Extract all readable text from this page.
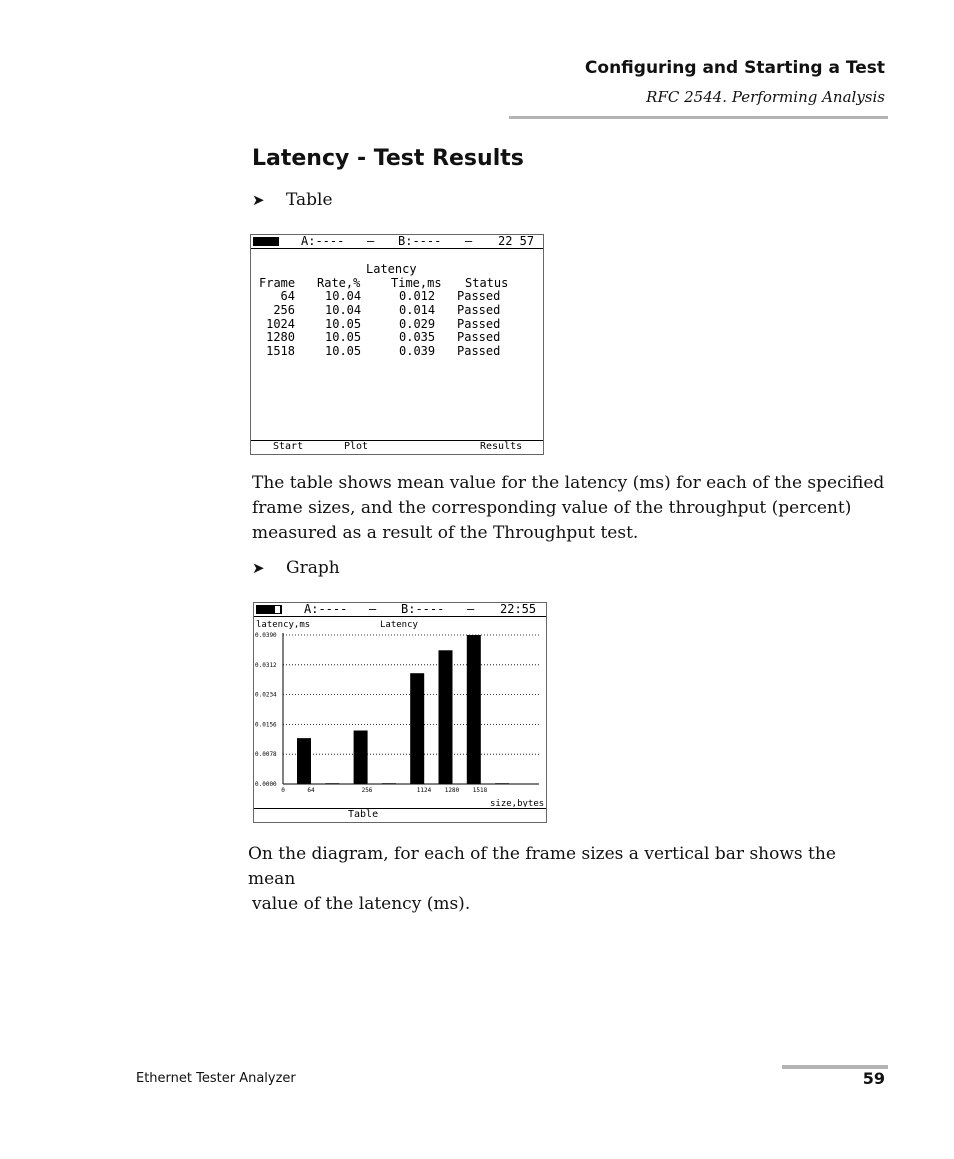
Configuring and Starting a Test
RFC 2544. Performing Analysis
Latency - Test Results
➤ Table
A:---- – B:---- – 22 57
Latency
Frame Rate,%	Time,ms Status
64	10.04	0.012 Passed
256	10.04	0.014 Passed
1024	10.05	0.029 Passed
1280	10.05	0.035 Passed
1518	10.05	0.039 Passed
Start	Plot	Results
The table shows mean value for the latency (ms) for each of the specified
frame sizes, and the corresponding value of the throughput (percent)
measured as a result of the Throughput test.
➤ Graph
A:---- – B:---- – 22:55
latency,ms	Latency
0.0390
0.0312
0.0234
0.0156
0.0078
0.0000
0	64	256	1124 1280 1518
size,bytes
Table
On the diagram, for each of the frame sizes a vertical bar shows the mean
value of the latency (ms).
Ethernet Tester Analyzer	59
